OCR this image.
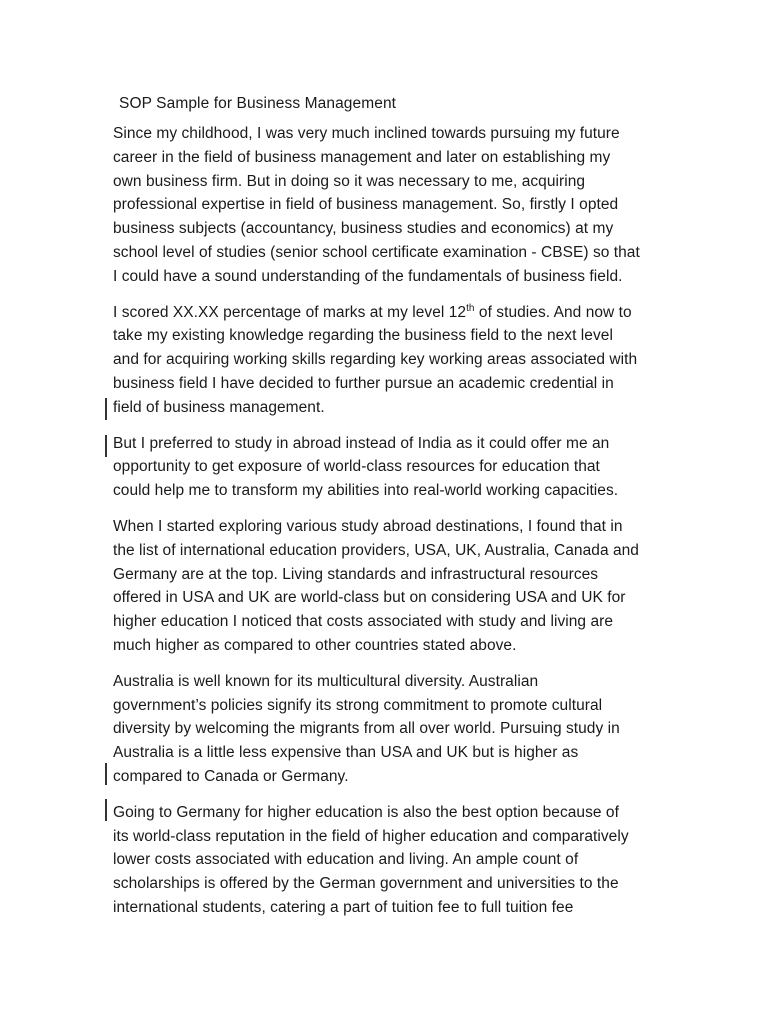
SOP Sample for Business Management

Since my childhood, I was very much inclined towards pursuing my future
career in the field of business management and later on establishing my
own business firm. But in doing so it was necessary to me, acquiring
professional expertise in field of business management. So, firstly I opted
business subjects (accountancy, business studies and economics) at my
school level of studies (senior school certificate examination - CBSE) so that
I could have a sound understanding of the fundamentals of business field.

I scored XX.XX percentage of marks at my level 12th of studies. And now to
take my existing knowledge regarding the business field to the next level
and for acquiring working skills regarding key working areas associated with
business field I have decided to further pursue an academic credential in
field of business management.

But I preferred to study in abroad instead of India as it could offer me an
opportunity to get exposure of world-class resources for education that
could help me to transform my abilities into real-world working capacities.

When I started exploring various study abroad destinations, I found that in
the list of international education providers, USA, UK, Australia, Canada and
Germany are at the top. Living standards and infrastructural resources
offered in USA and UK are world-class but on considering USA and UK for
higher education I noticed that costs associated with study and living are
much higher as compared to other countries stated above.

Australia is well known for its multicultural diversity. Australian
government’s policies signify its strong commitment to promote cultural
diversity by welcoming the migrants from all over world. Pursuing study in
Australia is a little less expensive than USA and UK but is higher as
compared to Canada or Germany.

Going to Germany for higher education is also the best option because of
its world-class reputation in the field of higher education and comparatively
lower costs associated with education and living. An ample count of
scholarships is offered by the German government and universities to the
international students, catering a part of tuition fee to full tuition fee
